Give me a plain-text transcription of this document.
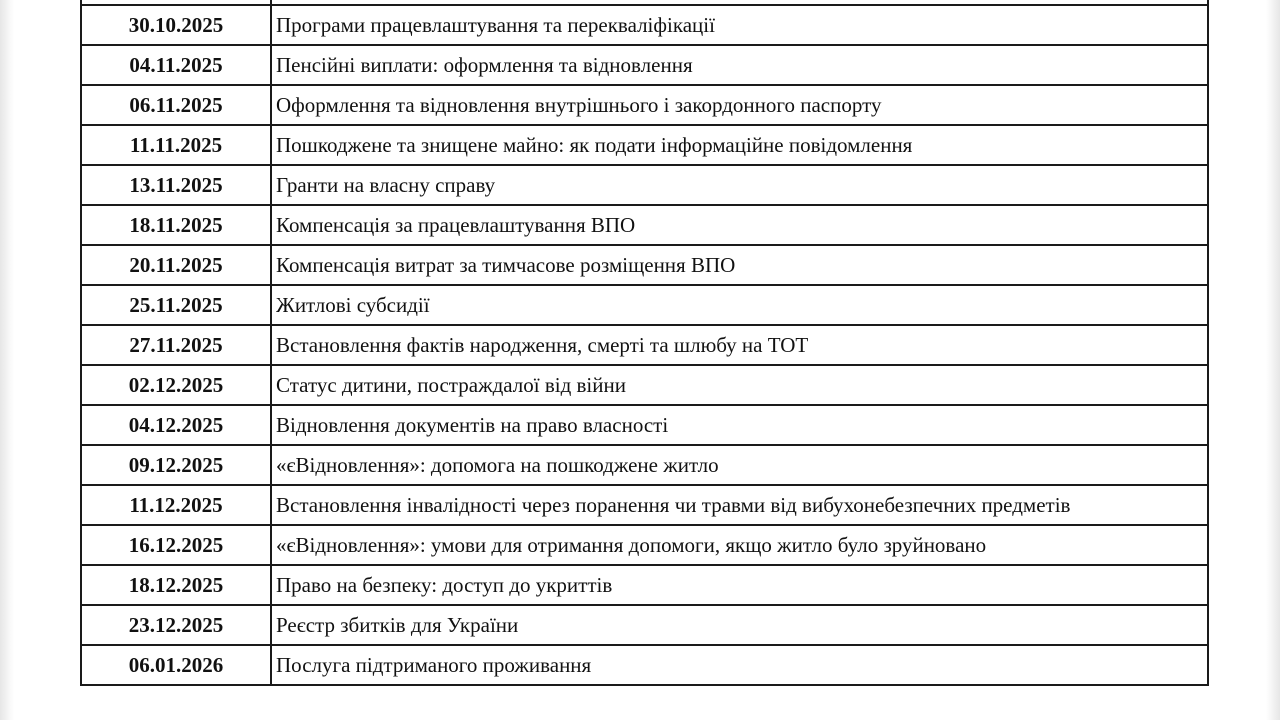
30.10.2025	Програми працевлаштування та перекваліфікації
04.11.2025	Пенсійні виплати: оформлення та відновлення
06.11.2025	Оформлення та відновлення внутрішнього і закордонного паспорту
11.11.2025	Пошкоджене та знищене майно: як подати інформаційне повідомлення
13.11.2025	Гранти на власну справу
18.11.2025	Компенсація за працевлаштування ВПО
20.11.2025	Компенсація витрат за тимчасове розміщення ВПО
25.11.2025	Житлові субсидії
27.11.2025	Встановлення фактів народження, смерті та шлюбу на ТОТ
02.12.2025	Статус дитини, постраждалої від війни
04.12.2025	Відновлення документів на право власності
09.12.2025	«єВідновлення»: допомога на пошкоджене житло
11.12.2025	Встановлення інвалідності через поранення чи травми від вибухонебезпечних предметів
16.12.2025	«єВідновлення»: умови для отримання допомоги, якщо житло було зруйновано
18.12.2025	Право на безпеку: доступ до укриттів
23.12.2025	Реєстр збитків для України
06.01.2026	Послуга підтриманого проживання
